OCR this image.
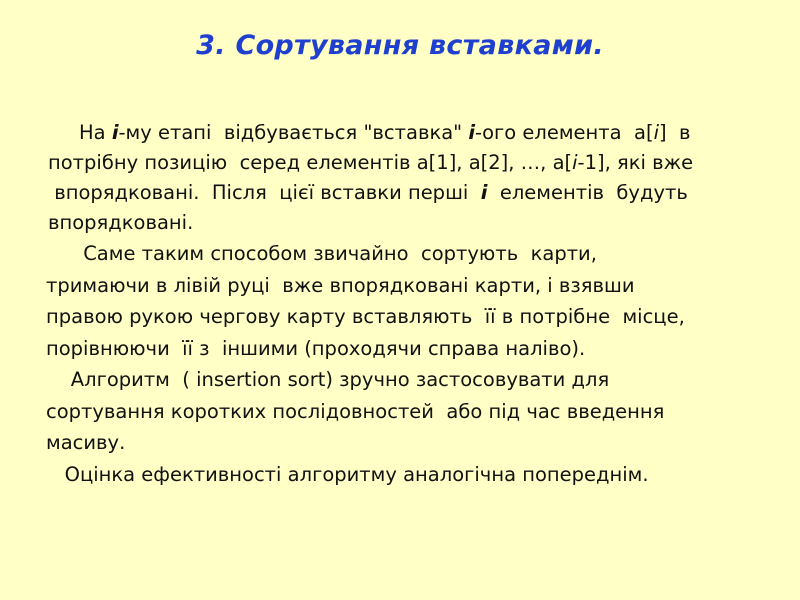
3. Сортування вставками.
На i-му етапі  відбувається "вставка" i-ого елемента  а[i]  в
потрібну позицію  серед елементів а[1], а[2], …, а[i-1], які вже
впорядковані.  Після  цієї вставки перші  i  елементів  будуть
впорядковані.
Саме таким способом звичайно  сортують  карти,
тримаючи в лівій руці  вже впорядковані карти, і взявши
правою рукою чергову карту вставляють  її в потрібне  місце,
порівнюючи  її з  іншими (проходячи справа наліво).
Алгоритм  ( insertion sort) зручно застосовувати для
сортування коротких послідовностей  або під час введення
масиву.
Оцінка ефективності алгоритму аналогічна попереднім.
